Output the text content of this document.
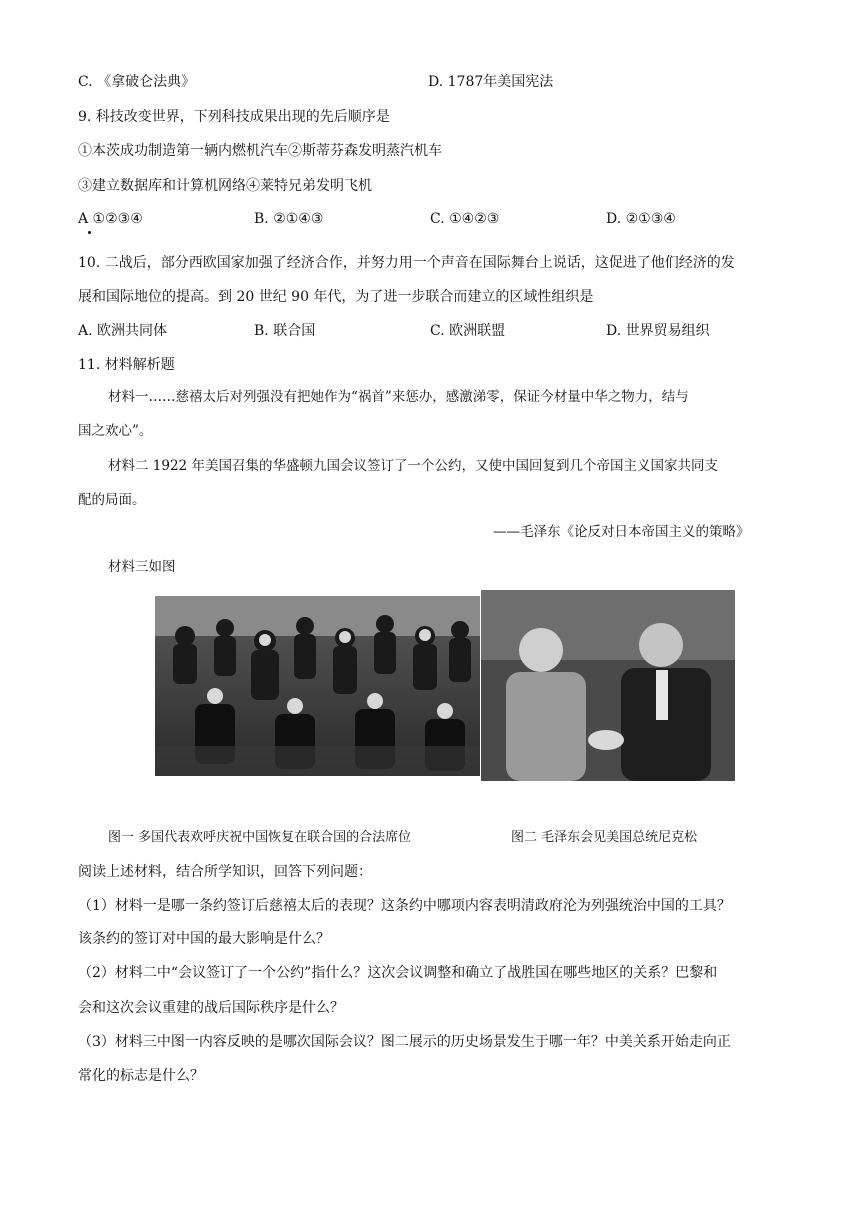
C. 《拿破仑法典》	D. 1787年美国宪法
9. 科技改变世界，下列科技成果出现的先后顺序是
①本茨成功制造第一辆内燃机汽车②斯蒂芬森发明蒸汽机车
③建立数据库和计算机网络④莱特兄弟发明飞机
A ①②③④	B. ②①④③	C. ①④②③	D. ②①③④
10. 二战后，部分西欧国家加强了经济合作，并努力用一个声音在国际舞台上说话，这促进了他们经济的发
展和国际地位的提高。到 20 世纪 90 年代，为了进一步联合而建立的区域性组织是
A. 欧洲共同体	B. 联合国	C. 欧洲联盟	D. 世界贸易组织
11. 材料解析题
材料一……慈禧太后对列强没有把她作为“祸首”来惩办，感激涕零，保证今材量中华之物力，结与
国之欢心”。
材料二 1922 年美国召集的华盛顿九国会议签订了一个公约，又使中国回复到几个帝国主义国家共同支
配的局面。
——毛泽东《论反对日本帝国主义的策略》
材料三如图
图一 多国代表欢呼庆祝中国恢复在联合国的合法席位	图二 毛泽东会见美国总统尼克松
阅读上述材料，结合所学知识，回答下列问题：
（1）材料一是哪一条约签订后慈禧太后的表现？这条约中哪项内容表明清政府沦为列强统治中国的工具？
该条约的签订对中国的最大影响是什么？
（2）材料二中“会议签订了一个公约”指什么？这次会议调整和确立了战胜国在哪些地区的关系？巴黎和
会和这次会议重建的战后国际秩序是什么？
（3）材料三中图一内容反映的是哪次国际会议？图二展示的历史场景发生于哪一年？中美关系开始走向正
常化的标志是什么？
